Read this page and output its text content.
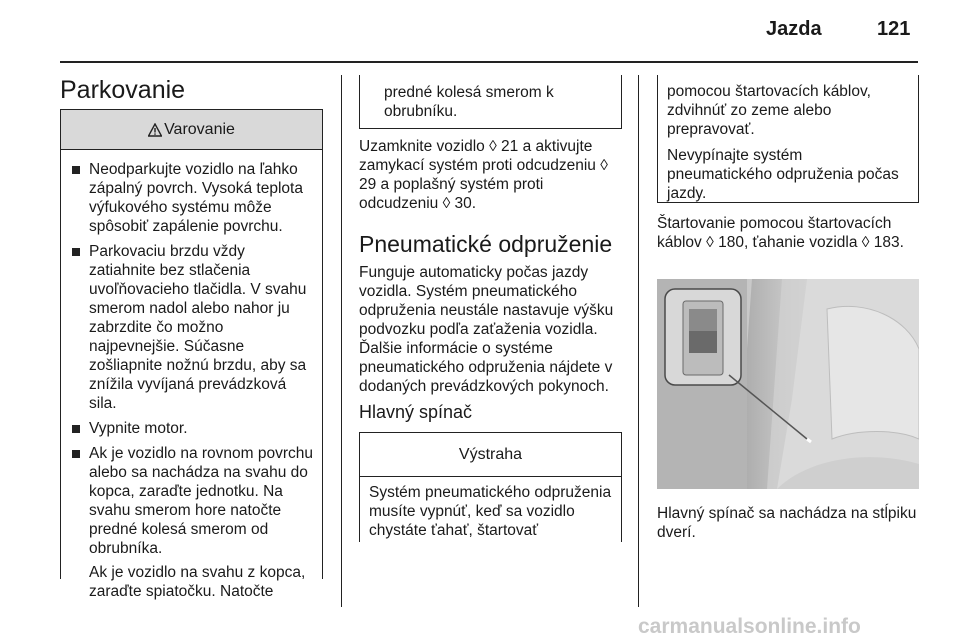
Jazda	121
Parkovanie
Varovanie
Neodparkujte vozidlo na ľahko zápalný povrch. Vysoká teplota výfukového systému môže spôsobiť zapálenie povrchu.
Parkovaciu brzdu vždy zatiahnite bez stlačenia uvoľňovacieho tlačidla. V svahu smerom nadol alebo nahor ju zabrzdite čo možno najpevnejšie. Súčasne zošliapnite nožnú brzdu, aby sa znížila vyvíjaná prevádzková sila.
Vypnite motor.
Ak je vozidlo na rovnom povrchu alebo sa nachádza na svahu do kopca, zaraďte jednotku. Na svahu smerom hore natočte predné kolesá smerom od obrubníka.
Ak je vozidlo na svahu z kopca, zaraďte spiatočku. Natočte
predné kolesá smerom k obrubníku.
Uzamknite vozidlo ◊ 21 a aktivujte zamykací systém proti odcudzeniu ◊ 29 a poplašný systém proti odcudzeniu ◊ 30.
Pneumatické odpruženie
Funguje automaticky počas jazdy vozidla. Systém pneumatického odpruženia neustále nastavuje výšku podvozku podľa zaťaženia vozidla.
Ďalšie informácie o systéme pneumatického odpruženia nájdete v dodaných prevádzkových pokynoch.
Hlavný spínač
Výstraha
Systém pneumatického odpruženia musíte vypnúť, keď sa vozidlo chystáte ťahať, štartovať
pomocou štartovacích káblov, zdvihnúť zo zeme alebo prepravovať.
Nevypínajte systém pneumatického odpruženia počas jazdy.
Štartovanie pomocou štartovacích káblov ◊ 180, ťahanie vozidla ◊ 183.
Hlavný spínač sa nachádza na stĺpiku dverí.
carmanualsonline.info
